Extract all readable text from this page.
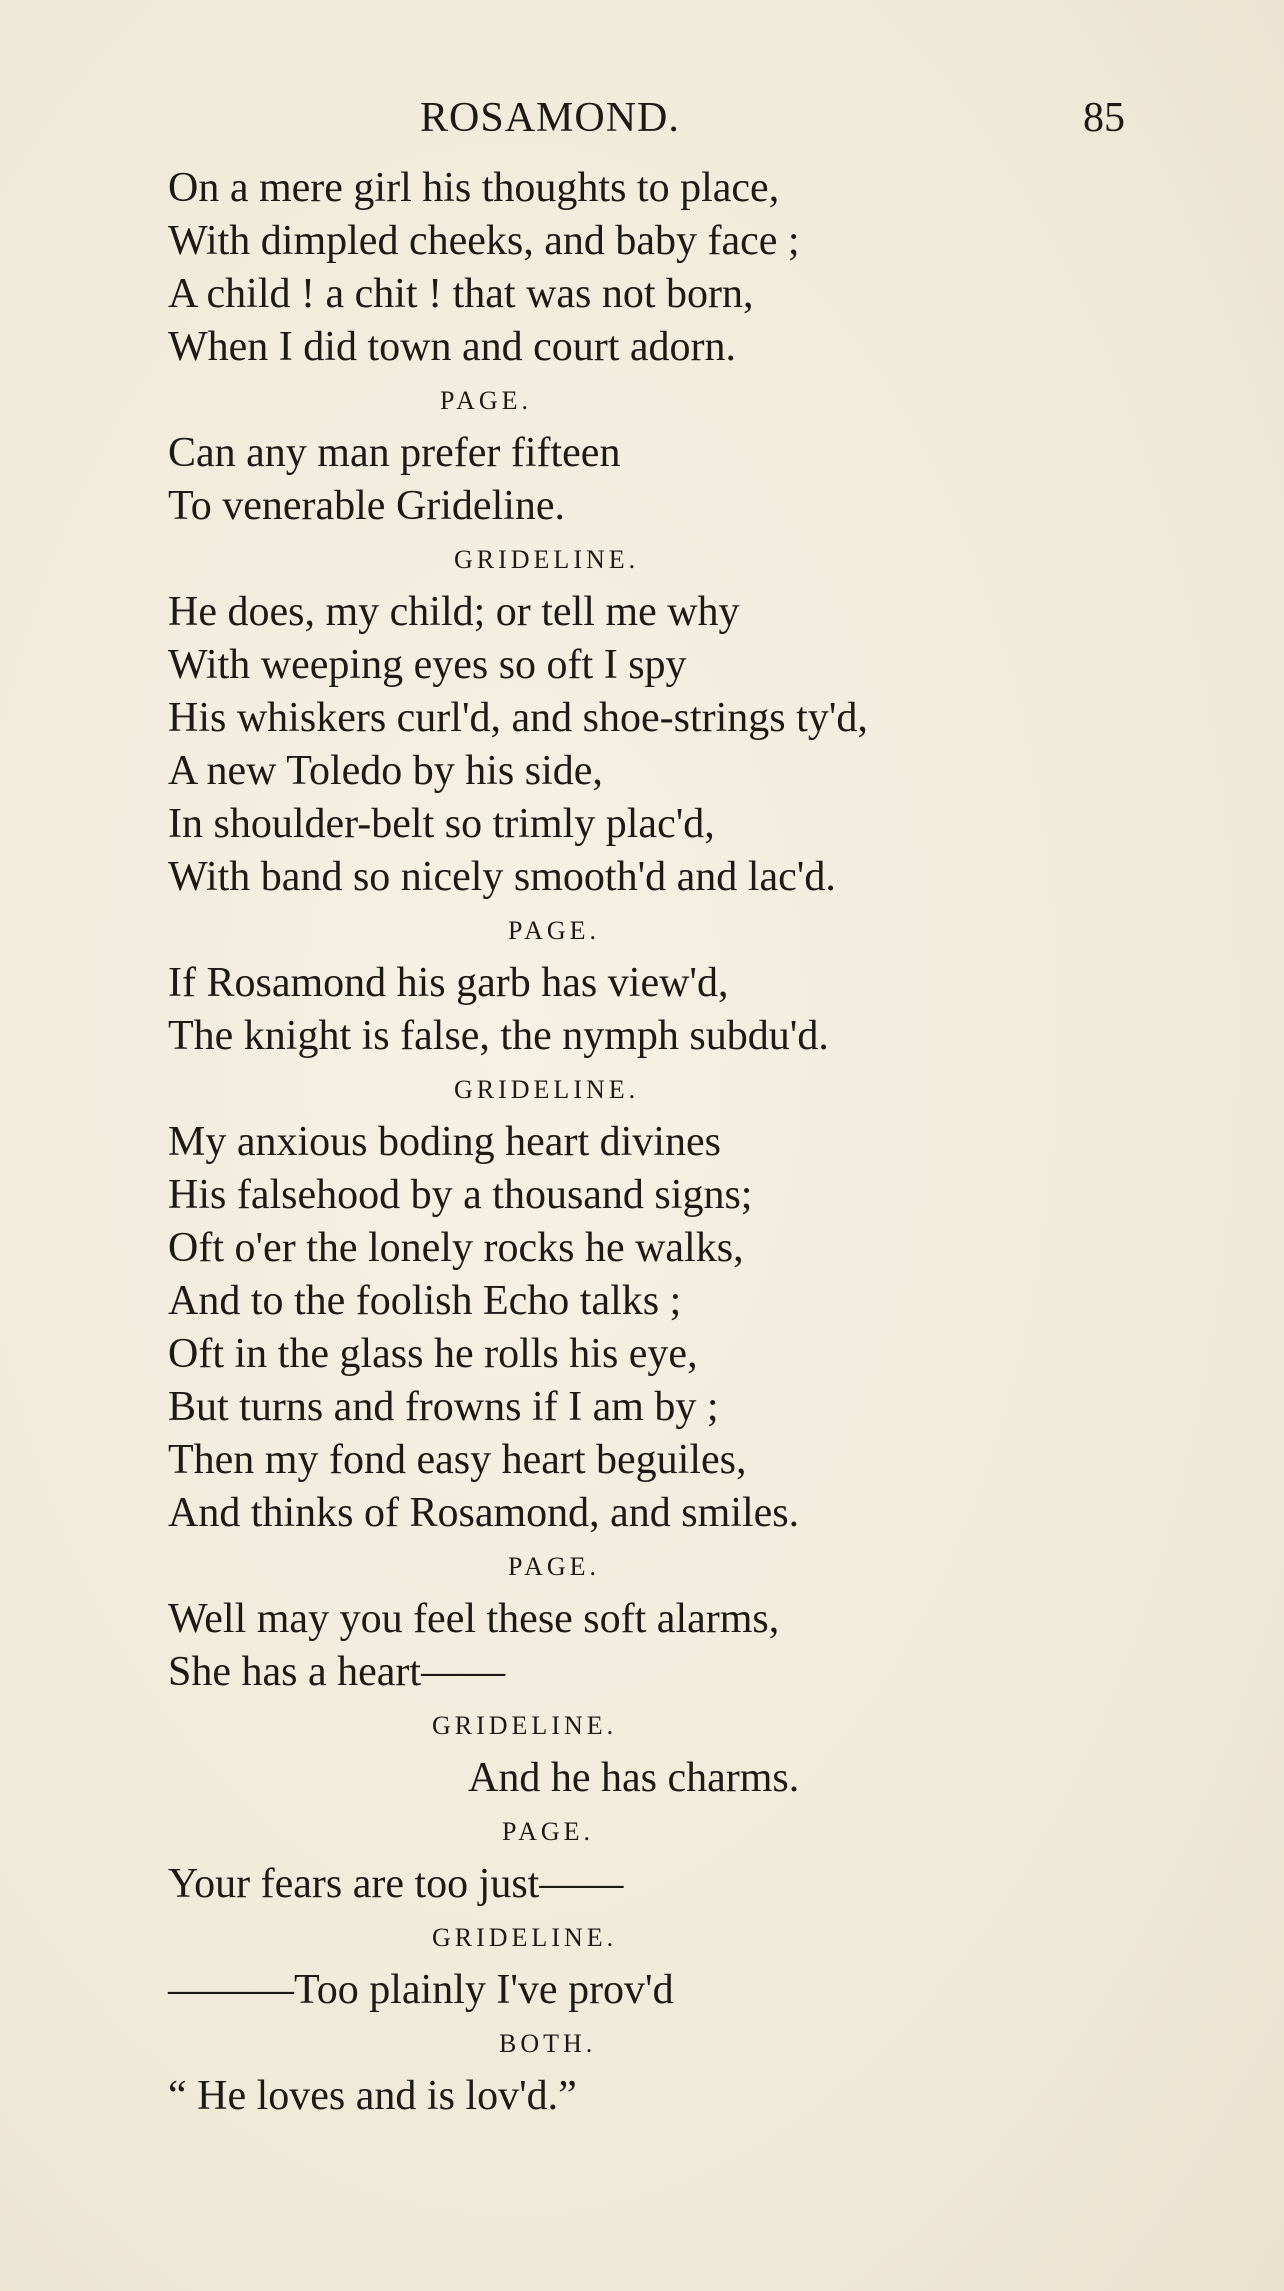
ROSAMOND.	85
On a mere girl his thoughts to place,
With dimpled cheeks, and baby face ;
A child ! a chit ! that was not born,
When I did town and court adorn.
PAGE.
Can any man prefer fifteen
To venerable Grideline.
GRIDELINE.
He does, my child; or tell me why
With weeping eyes so oft I spy
His whiskers curl'd, and shoe-strings ty'd,
A new Toledo by his side,
In shoulder-belt so trimly plac'd,
With band so nicely smooth'd and lac'd.
PAGE.
If Rosamond his garb has view'd,
The knight is false, the nymph subdu'd.
GRIDELINE.
My anxious boding heart divines
His falsehood by a thousand signs;
Oft o'er the lonely rocks he walks,
And to the foolish Echo talks ;
Oft in the glass he rolls his eye,
But turns and frowns if I am by ;
Then my fond easy heart beguiles,
And thinks of Rosamond, and smiles.
PAGE.
Well may you feel these soft alarms,
She has a heart——
GRIDELINE.
And he has charms.
PAGE.
Your fears are too just——
GRIDELINE.
———Too plainly I've prov'd
BOTH.
“ He loves and is lov'd.”
